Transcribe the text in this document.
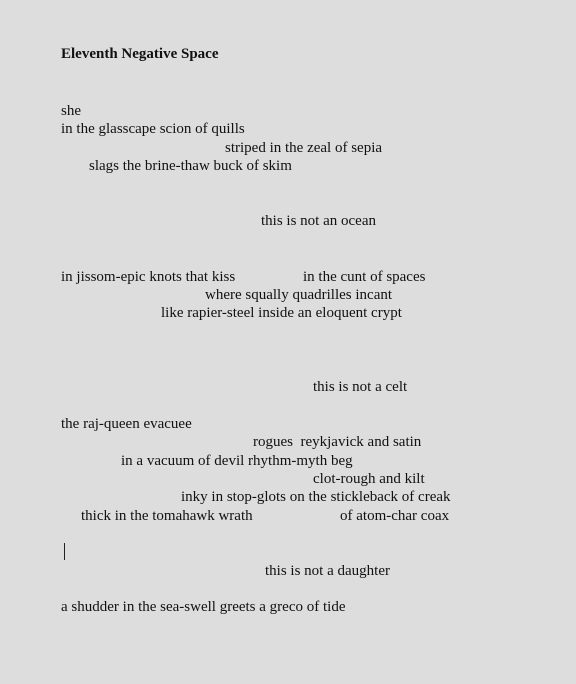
Eleventh Negative Space
she
in the glasscape scion of quills
striped in the zeal of sepia
slags the brine-thaw buck of skim
this is not an ocean
in jissom-epic knots that kiss	in the cunt of spaces
where squally quadrilles incant
like rapier-steel inside an eloquent crypt
this is not a celt
the raj-queen evacuee
rogues  reykjavick and satin
in a vacuum of devil rhythm-myth beg
clot-rough and kilt
inky in stop-glots on the stickleback of creak
thick in the tomahawk wrath	of atom-char coax
this is not a daughter
a shudder in the sea-swell greets a greco of tide
